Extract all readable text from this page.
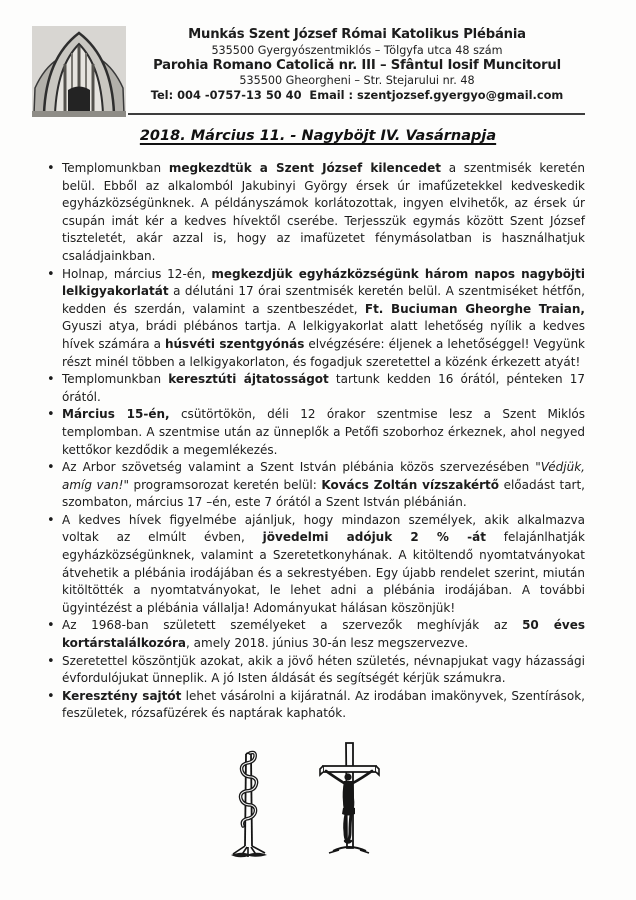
Munkás Szent József Római Katolikus Plébánia
535500 Gyergyószentmiklós – Tölgyfa utca 48 szám
Parohia Romano Catolică nr. III – Sfântul Iosif Muncitorul
535500 Gheorgheni – Str. Stejarului nr. 48
Tel: 004 -0757-13 50 40  Email : szentjozsef.gyergyo@gmail.com
2018. Március 11. - Nagyböjt IV. Vasárnapja
• Templomunkban megkezdtük a Szent József kilencedet a szentmisék keretén belül. Ebből az alkalomból Jakubinyi György érsek úr imafűzetekkel kedveskedik egyházközségünknek. A példányszámok korlátozottak, ingyen elvihetők, az érsek úr csupán imát kér a kedves hívektől cserébe. Terjesszük egymás között Szent József tiszteletét, akár azzal is, hogy az imafüzetet fénymásolatban is használhatjuk családjainkban.
• Holnap, március 12-én, megkezdjük egyházközségünk három napos nagyböjti lelkigyakorlatát a délutáni 17 órai szentmisék keretén belül. A szentmiséket hétfőn, kedden és szerdán, valamint a szentbeszédet, Ft. Buciuman Gheorghe Traian, Gyuszi atya, brádi plébános tartja. A lelkigyakorlat alatt lehetőség nyílik a kedves hívek számára a húsvéti szentgyónás elvégzésére: éljenek a lehetőséggel! Vegyünk részt minél többen a lelkigyakorlaton, és fogadjuk szeretettel a közénk érkezett atyát!
• Templomunkban keresztúti ájtatosságot tartunk kedden 16 órától, pénteken 17 órától.
• Március 15-én, csütörtökön, déli 12 órakor szentmise lesz a Szent Miklós templomban. A szentmise után az ünneplők a Petőfi szoborhoz érkeznek, ahol negyed kettőkor kezdődik a megemlékezés.
• Az Arbor szövetség valamint a Szent István plébánia közös szervezésében "Védjük, amíg van!" programsorozat keretén belül: Kovács Zoltán vízszakértő előadást tart, szombaton, március 17 –én, este 7 órától a Szent István plébánián.
• A kedves hívek figyelmébe ajánljuk, hogy mindazon személyek, akik alkalmazva voltak az elmúlt évben, jövedelmi adójuk 2 % -át felajánlhatják egyházközségünknek, valamint a Szeretetkonyhának. A kitöltendő nyomtatványokat átvehetik a plébánia irodájában és a sekrestyében. Egy újabb rendelet szerint, miután kitöltötték a nyomtatványokat, le lehet adni a plébánia irodájában. A további ügyintézést a plébánia vállalja! Adományukat hálásan köszönjük!
• Az 1968-ban született személyeket a szervezők meghívják az 50 éves kortárstalálkozóra, amely 2018. június 30-án lesz megszervezve.
• Szeretettel köszöntjük azokat, akik a jövő héten születés, névnapjukat vagy házassági évfordulójukat ünneplik. A jó Isten áldását és segítségét kérjük számukra.
• Keresztény sajtót lehet vásárolni a kijáratnál. Az irodában imakönyvek, Szentírások, feszületek, rózsafüzérek és naptárak kaphatók.
